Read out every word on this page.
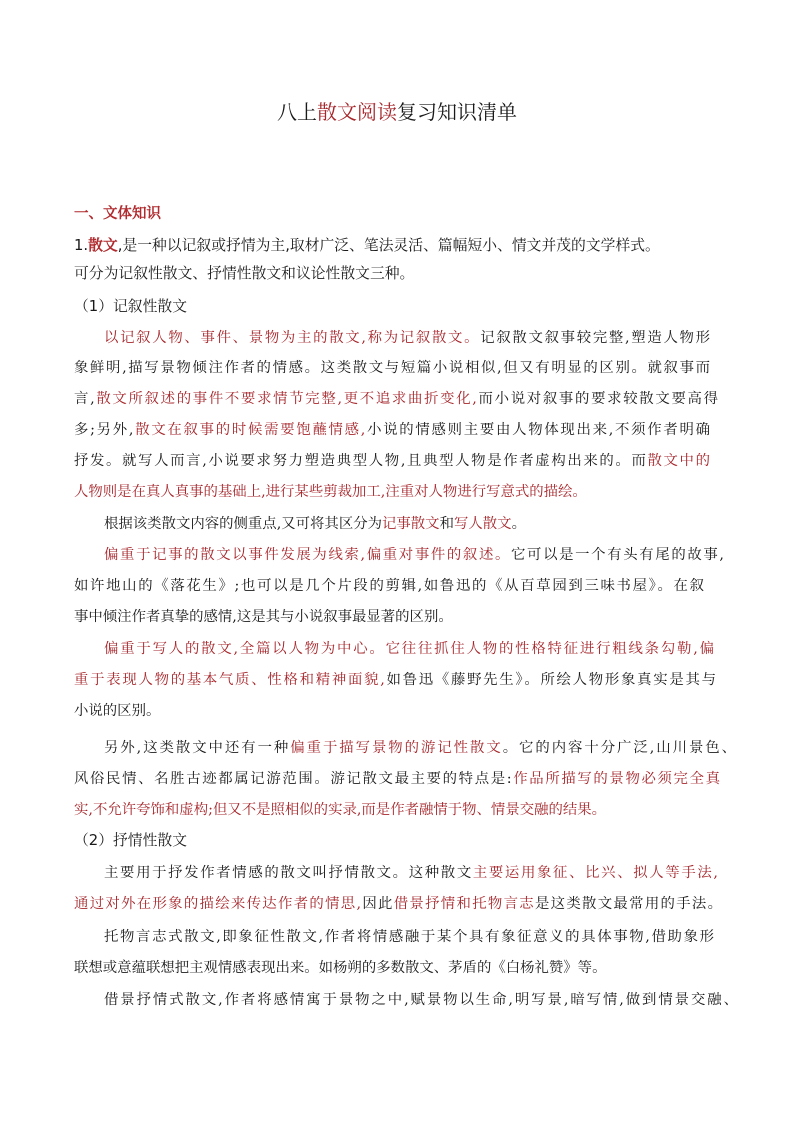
八上散文阅读复习知识清单
一、文体知识
1.散文,是一种以记叙或抒情为主,取材广泛、笔法灵活、篇幅短小、情文并茂的文学样式。
可分为记叙性散文、抒情性散文和议论性散文三种。
（1）记叙性散文
以记叙人物、事件、景物为主的散文,称为记叙散文。记叙散文叙事较完整,塑造人物形
象鲜明,描写景物倾注作者的情感。这类散文与短篇小说相似,但又有明显的区别。就叙事而
言,散文所叙述的事件不要求情节完整,更不追求曲折变化,而小说对叙事的要求较散文要高得
多;另外,散文在叙事的时候需要饱蘸情感,小说的情感则主要由人物体现出来,不须作者明确
抒发。就写人而言,小说要求努力塑造典型人物,且典型人物是作者虚构出来的。而散文中的
人物则是在真人真事的基础上,进行某些剪裁加工,注重对人物进行写意式的描绘。
根据该类散文内容的侧重点,又可将其区分为记事散文和写人散文。
偏重于记事的散文以事件发展为线索,偏重对事件的叙述。它可以是一个有头有尾的故事,
如许地山的《落花生》;也可以是几个片段的剪辑,如鲁迅的《从百草园到三味书屋》。在叙
事中倾注作者真挚的感情,这是其与小说叙事最显著的区别。
偏重于写人的散文,全篇以人物为中心。它往往抓住人物的性格特征进行粗线条勾勒,偏
重于表现人物的基本气质、性格和精神面貌,如鲁迅《藤野先生》。所绘人物形象真实是其与
小说的区别。
另外,这类散文中还有一种偏重于描写景物的游记性散文。它的内容十分广泛,山川景色、
风俗民情、名胜古迹都属记游范围。游记散文最主要的特点是:作品所描写的景物必须完全真
实,不允许夸饰和虚构;但又不是照相似的实录,而是作者融情于物、情景交融的结果。
（2）抒情性散文
主要用于抒发作者情感的散文叫抒情散文。这种散文主要运用象征、比兴、拟人等手法,
通过对外在形象的描绘来传达作者的情思,因此借景抒情和托物言志是这类散文最常用的手法。
托物言志式散文,即象征性散文,作者将情感融于某个具有象征意义的具体事物,借助象形
联想或意蕴联想把主观情感表现出来。如杨朔的多数散文、茅盾的《白杨礼赞》等。
借景抒情式散文,作者将感情寓于景物之中,赋景物以生命,明写景,暗写情,做到情景交融、
